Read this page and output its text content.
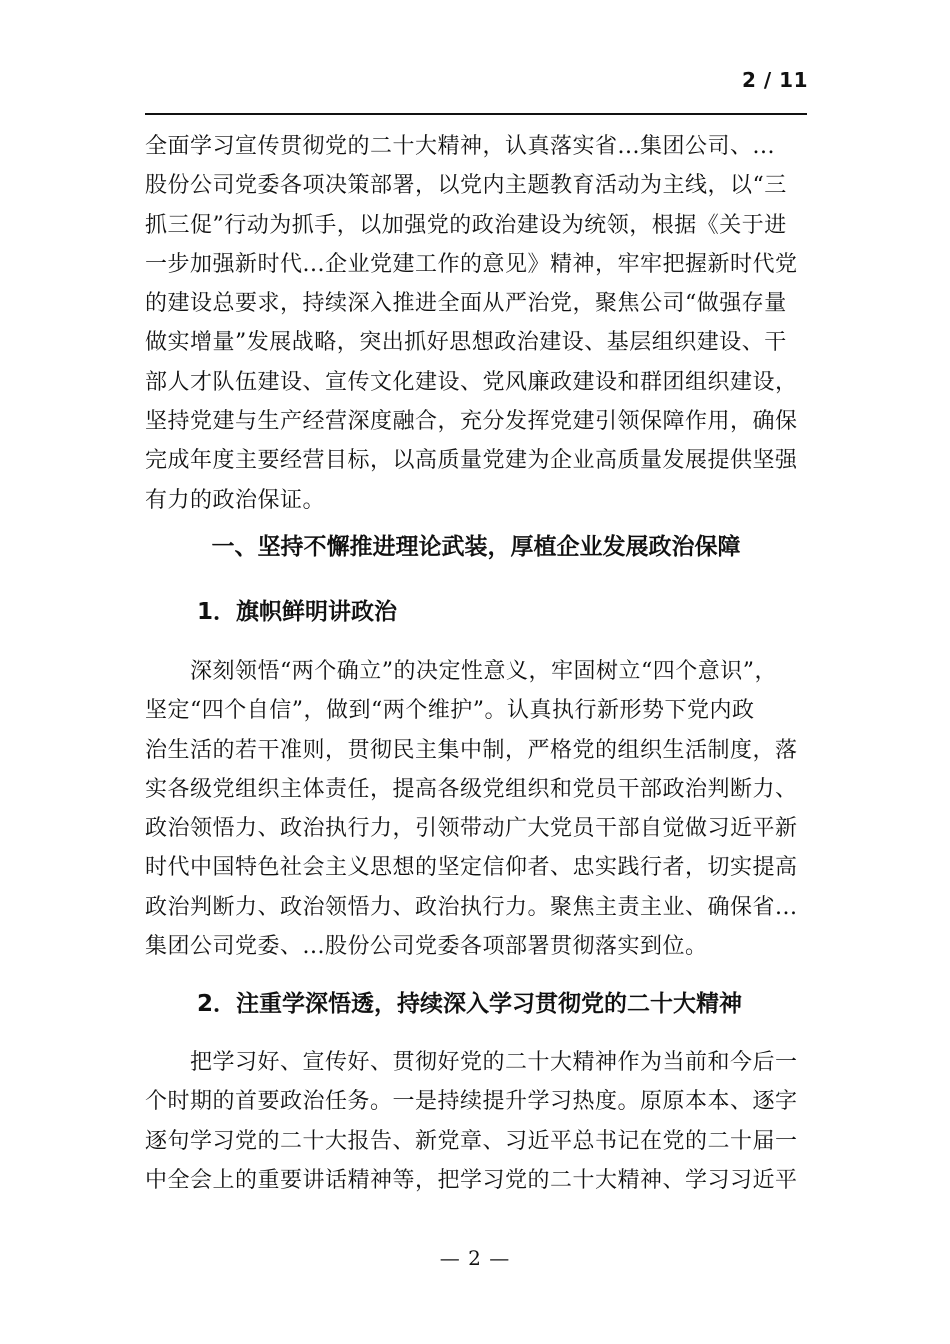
2 / 11
全面学习宣传贯彻党的二十大精神，认真落实省...集团公司、...
股份公司党委各项决策部署，以党内主题教育活动为主线，以“三
抓三促”行动为抓手，以加强党的政治建设为统领，根据《关于进
一步加强新时代...企业党建工作的意见》精神，牢牢把握新时代党
的建设总要求，持续深入推进全面从严治党，聚焦公司“做强存量
做实增量”发展战略，突出抓好思想政治建设、基层组织建设、干
部人才队伍建设、宣传文化建设、党风廉政建设和群团组织建设，
坚持党建与生产经营深度融合，充分发挥党建引领保障作用，确保
完成年度主要经营目标，以高质量党建为企业高质量发展提供坚强
有力的政治保证。
一、坚持不懈推进理论武装，厚植企业发展政治保障
1．旗帜鲜明讲政治
　　深刻领悟“两个确立”的决定性意义，牢固树立“四个意识”，
坚定“四个自信”，做到“两个维护”。认真执行新形势下党内政
治生活的若干准则，贯彻民主集中制，严格党的组织生活制度，落
实各级党组织主体责任，提高各级党组织和党员干部政治判断力、
政治领悟力、政治执行力，引领带动广大党员干部自觉做习近平新
时代中国特色社会主义思想的坚定信仰者、忠实践行者，切实提高
政治判断力、政治领悟力、政治执行力。聚焦主责主业、确保省...
集团公司党委、...股份公司党委各项部署贯彻落实到位。
2．注重学深悟透，持续深入学习贯彻党的二十大精神
　　把学习好、宣传好、贯彻好党的二十大精神作为当前和今后一
个时期的首要政治任务。一是持续提升学习热度。原原本本、逐字
逐句学习党的二十大报告、新党章、习近平总书记在党的二十届一
中全会上的重要讲话精神等，把学习党的二十大精神、学习习近平
— 2 —
